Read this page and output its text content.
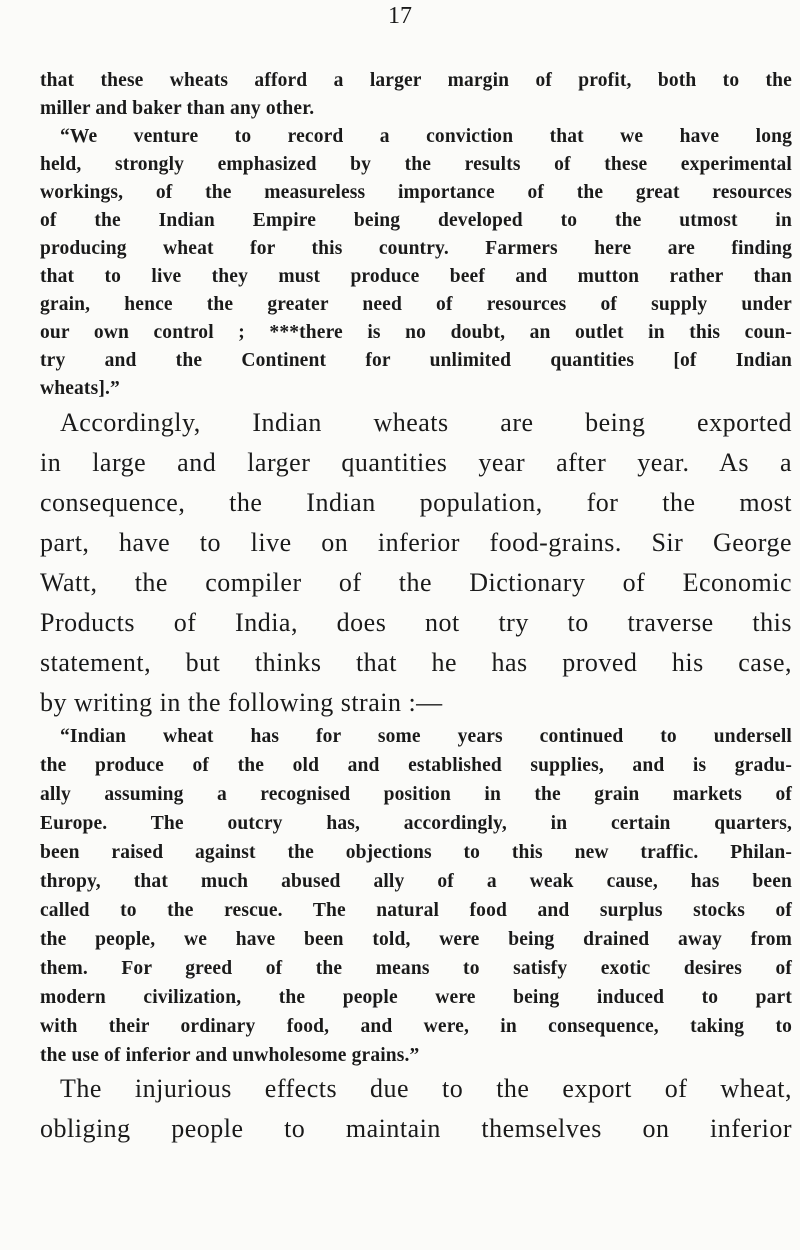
17
that these wheats afford a larger margin of profit, both to the
miller and baker than any other.
“We venture to record a conviction that we have long
held, strongly emphasized by the results of these experimental
workings, of the measureless importance of the great resources
of the Indian Empire being developed to the utmost in
producing wheat for this country. Farmers here are finding
that to live they must produce beef and mutton rather than
grain, hence the greater need of resources of supply under
our own control ; ***there is no doubt, an outlet in this coun-
try and the Continent for unlimited quantities [of Indian
wheats].”
Accordingly, Indian wheats are being exported
in large and larger quantities year after year. As a
consequence, the Indian population, for the most
part, have to live on inferior food-grains. Sir George
Watt, the compiler of the Dictionary of Economic
Products of India, does not try to traverse this
statement, but thinks that he has proved his case,
by writing in the following strain :—
“Indian wheat has for some years continued to undersell
the produce of the old and established supplies, and is gradu-
ally assuming a recognised position in the grain markets of
Europe. The outcry has, accordingly, in certain quarters,
been raised against the objections to this new traffic. Philan-
thropy, that much abused ally of a weak cause, has been
called to the rescue. The natural food and surplus stocks of
the people, we have been told, were being drained away from
them. For greed of the means to satisfy exotic desires of
modern civilization, the people were being induced to part
with their ordinary food, and were, in consequence, taking to
the use of inferior and unwholesome grains.”
The injurious effects due to the export of wheat,
obliging people to maintain themselves on inferior
